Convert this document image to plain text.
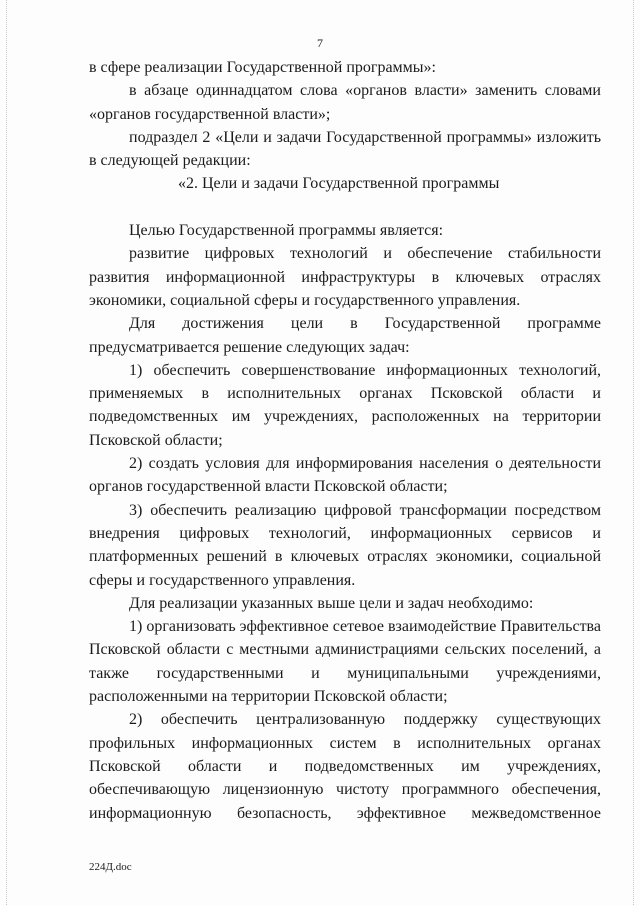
7

в сфере реализации Государственной программы»:

в абзаце одиннадцатом слова «органов власти» заменить словами «органов государственной власти»;

подраздел 2 «Цели и задачи Государственной программы» изложить в следующей редакции:

«2. Цели и задачи Государственной программы

Целью Государственной программы является:

развитие цифровых технологий и обеспечение стабильности развития информационной инфраструктуры в ключевых отраслях экономики, социальной сферы и государственного управления.

Для достижения цели в Государственной программе предусматривается решение следующих задач:

1) обеспечить совершенствование информационных технологий, применяемых в исполнительных органах Псковской области и подведомственных им учреждениях, расположенных на территории Псковской области;

2) создать условия для информирования населения о деятельности органов государственной власти Псковской области;

3) обеспечить реализацию цифровой трансформации посредством внедрения цифровых технологий, информационных сервисов и платформенных решений в ключевых отраслях экономики, социальной сферы и государственного управления.

Для реализации указанных выше цели и задач необходимо:

1) организовать эффективное сетевое взаимодействие Правительства Псковской области с местными администрациями сельских поселений, а также государственными и муниципальными учреждениями, расположенными на территории Псковской области;

2) обеспечить централизованную поддержку существующих профильных информационных систем в исполнительных органах Псковской области и подведомственных им учреждениях, обеспечивающую лицензионную чистоту программного обеспечения, информационную безопасность, эффективное межведомственное

224Д.doc
